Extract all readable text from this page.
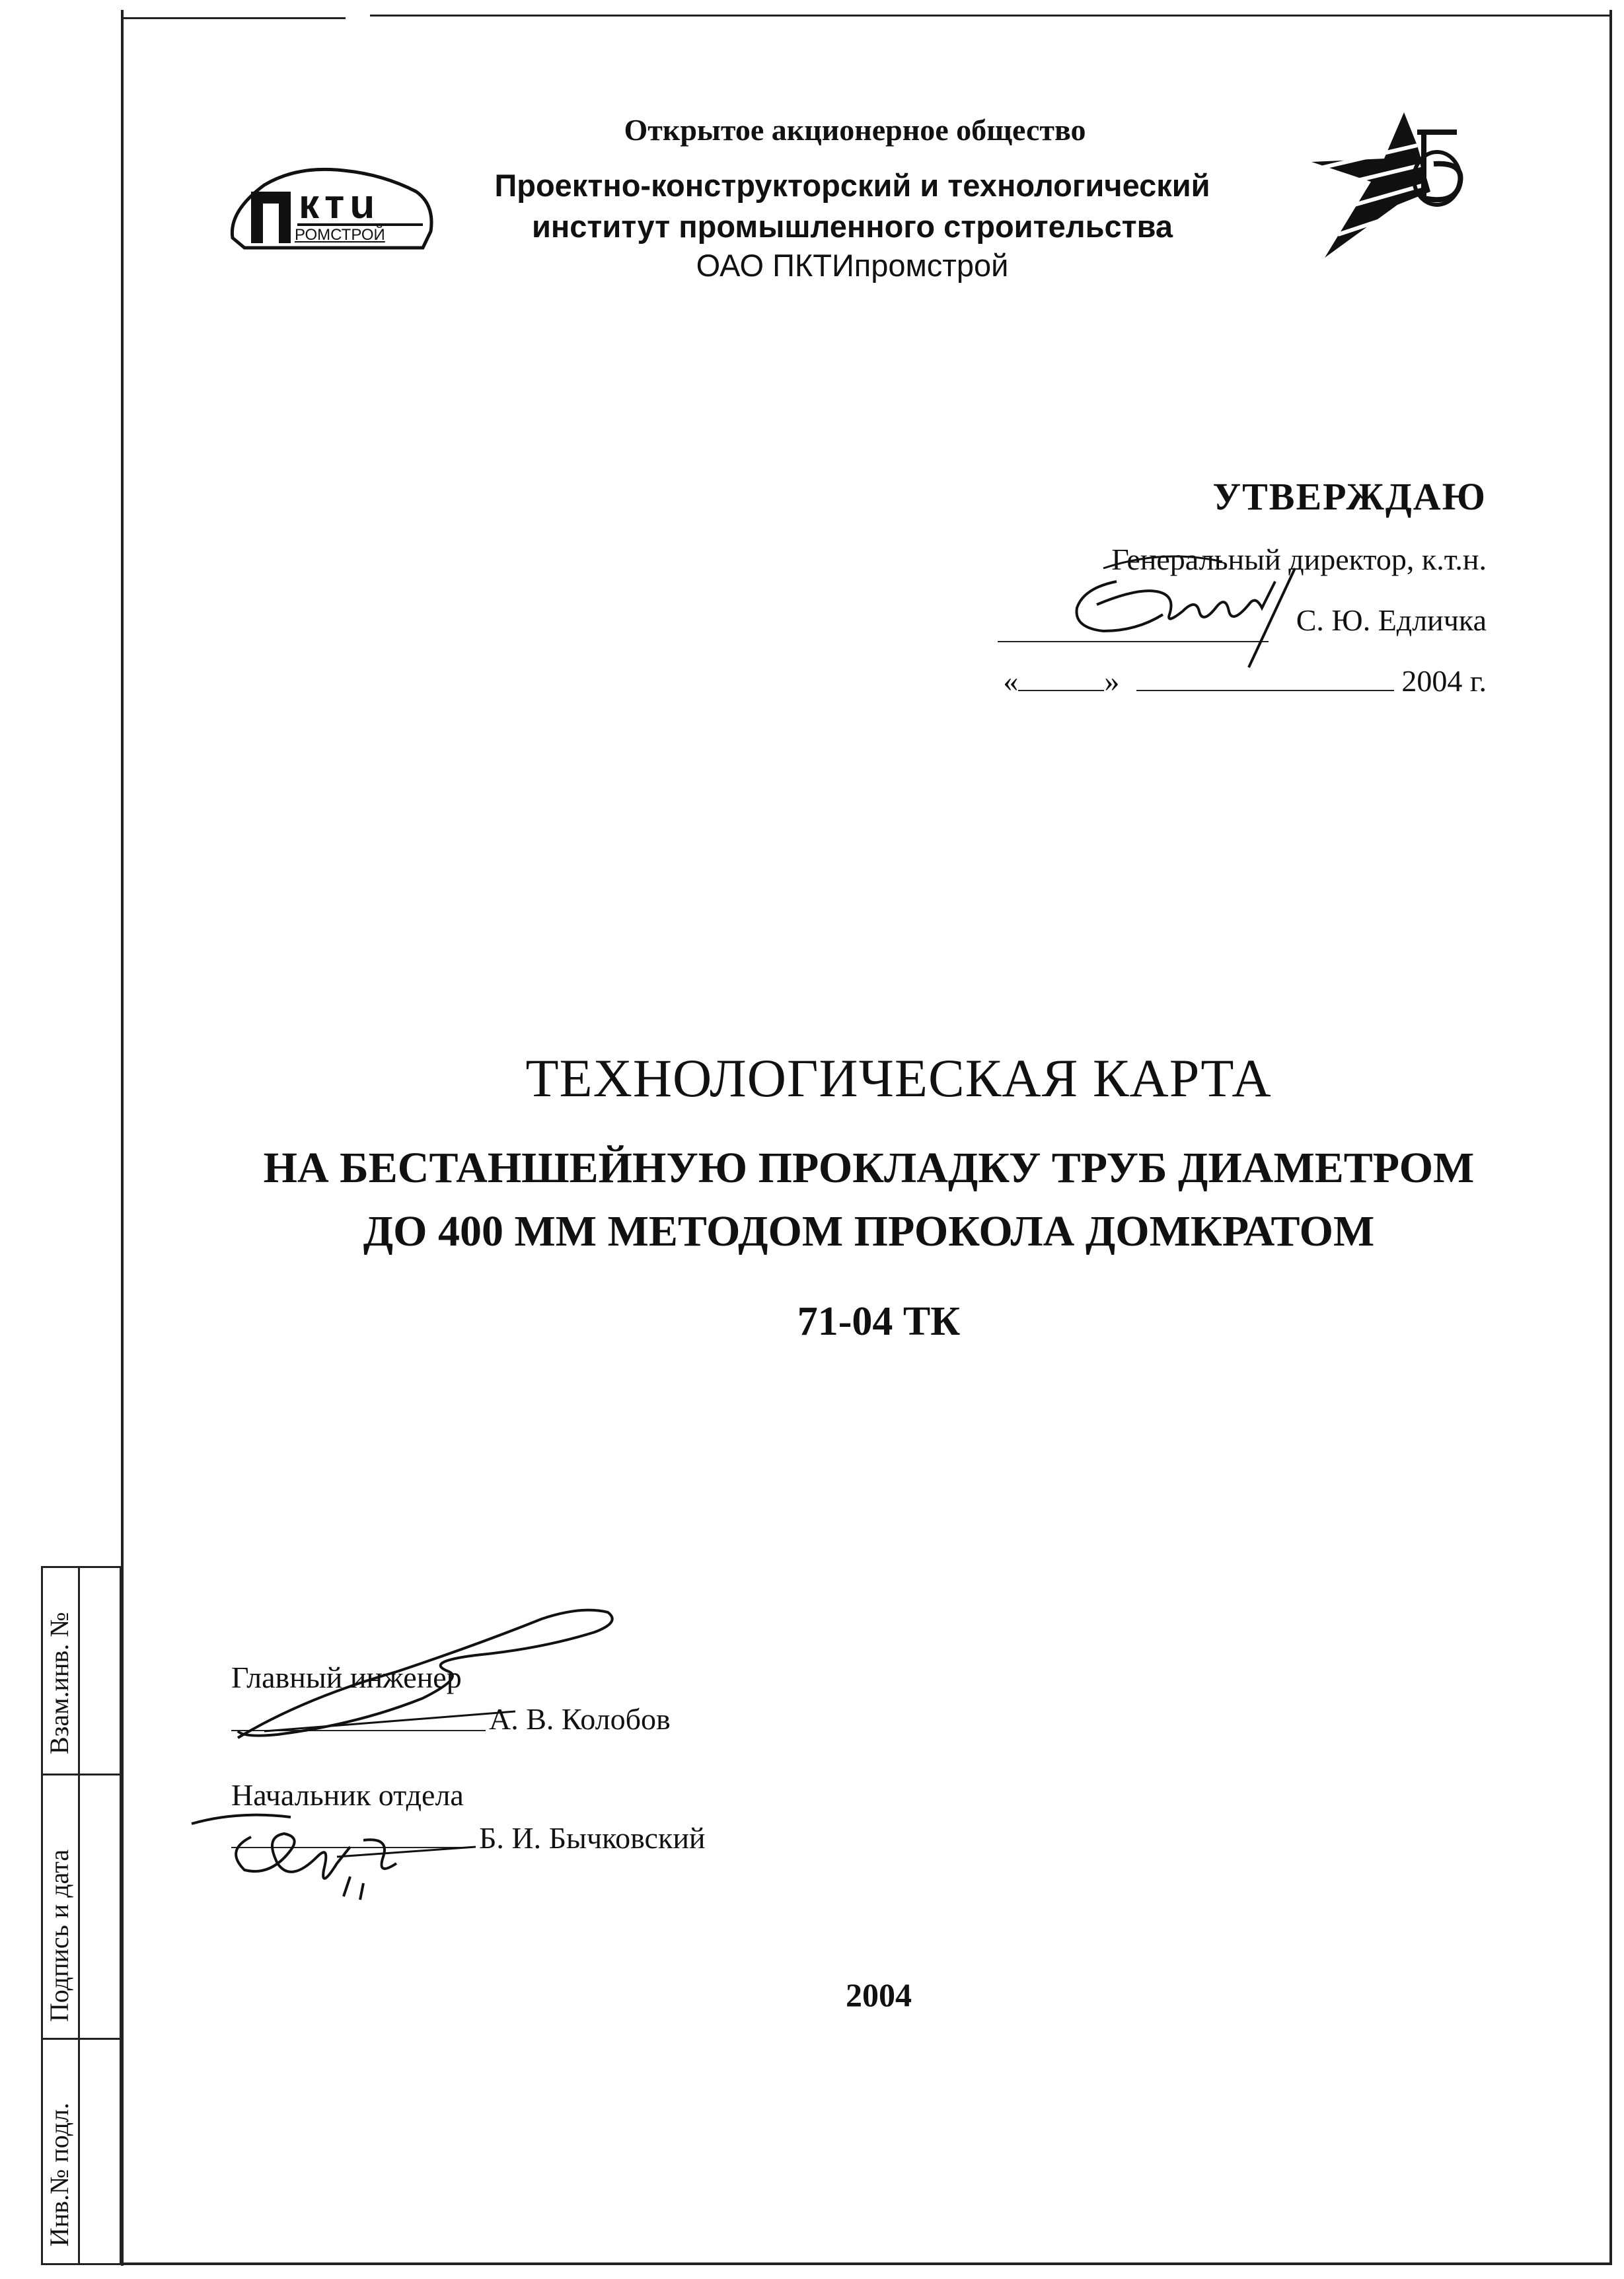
ктu
РОМСТРОЙ
Открытое акционерное общество
Проектно-конструкторский и технологический
институт промышленного строительства
ОАО ПКТИпромстрой
УТВЕРЖДАЮ
Генеральный директор, к.т.н.
С. Ю. Едличка
«	»	2004 г.
ТЕХНОЛОГИЧЕСКАЯ КАРТА
НА БЕСТАНШЕЙНУЮ ПРОКЛАДКУ ТРУБ ДИАМЕТРОМ
ДО 400 ММ МЕТОДОМ ПРОКОЛА ДОМКРАТОМ
71-04 ТК
Главный инженер
А. В. Колобов
Начальник отдела
Б. И. Бычковский
2004
Взам.инв. №
Подпись и дата
Инв.№ подл.
